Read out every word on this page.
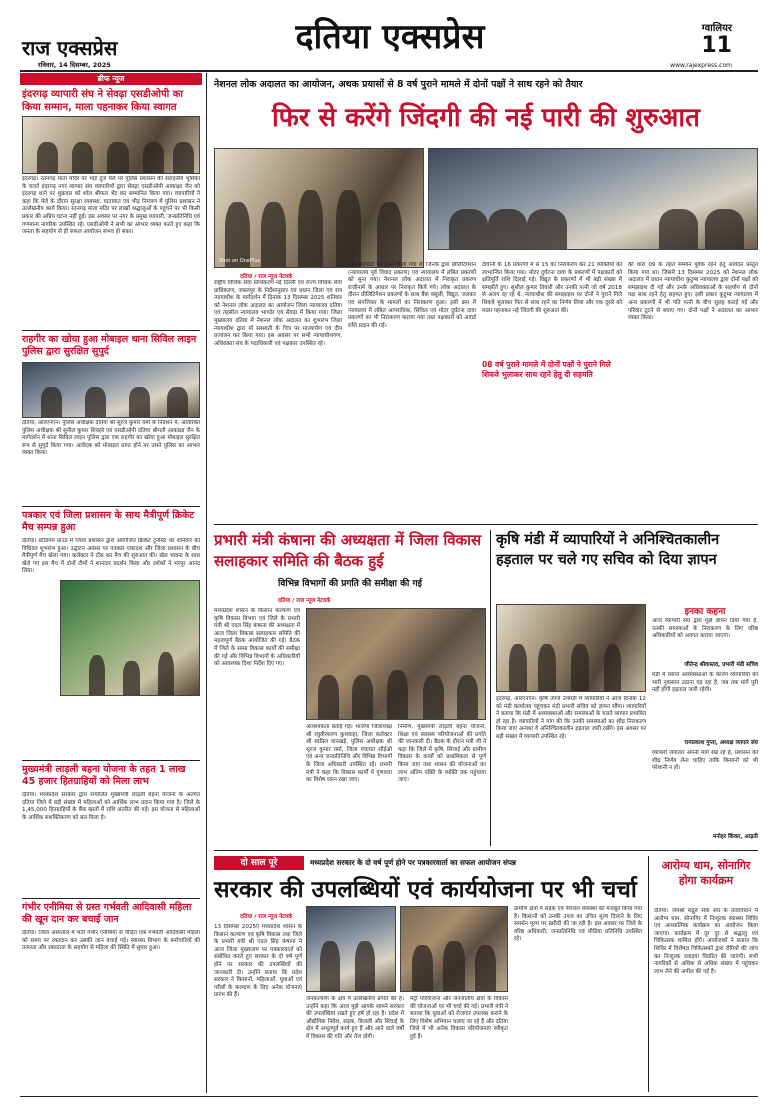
राज एक्सप्रेस
रविवार, 14 दिसम्बर, 2025
दतिया एक्सप्रेस	ग्वालियर
11
www.rajexpress.com
ब्रीफ न्यूज
इंदरगढ़ व्यापारी संघ ने सेवढ़ा एसडीओपी का किया सम्मान, माला पहनाकर किया स्वागत
इंदरगढ़। रतनगढ़ माता मंदिर पर भाई दूज मेले पर पुलिस प्रशासन की सराहनीय भूमिका के चलते इंदरगढ़ नगर व्यापार संघ व्यापारियों द्वारा सेवढ़ा एसडीओपी आकांक्षा जैन को इंदरगढ़ थाने पर शुक्रवार को शॉल श्रीफल भेंट कर सम्मानित किया गया। व्यापारियों ने कहा कि मेले के दौरान सुरक्षा व्यवस्था, यातायात एवं भीड़ नियंत्रण में पुलिस प्रशासन ने उल्लेखनीय कार्य किया। रतनगढ़ माता मंदिर पर लाखों श्रद्धालुओं के पहुंचने पर भी किसी प्रकार की अप्रिय घटना नहीं हुई। इस अवसर पर नगर के प्रमुख व्यापारी, जनप्रतिनिधि एवं गणमान्य नागरिक उपस्थित रहे। एसडीओपी ने सभी का आभार व्यक्त करते हुए कहा कि जनता के सहयोग से ही सफल आयोजन संभव हो सका।
राहगीर का खोया हुआ मोबाइल थाना सिविल लाइन पुलिस द्वारा सुरक्षित सुपुर्द
दतिया, आरएनएन। पुलिस अधीक्षक दतिया श्री सूरज कुमार वर्मा के निर्देशन में, अतिरिक्त पुलिस अधीक्षक श्री सुनील कुमार शिवहरे एवं एसडीओपी दतिया श्रीमती आकांक्षा जैन के मार्गदर्शन में थाना सिविल लाइन पुलिस द्वारा एक राहगीर का खोया हुआ मोबाइल सुरक्षित रूप से सुपुर्द किया गया। आवेदक को मोबाइल प्राप्त होने पर उसने पुलिस का आभार व्यक्त किया।
पत्रकार एवं जिला प्रशासन के साथ मैत्रीपूर्ण क्रिकेट मैच सम्पन्न हुआ
दतिया। स्टेडियम ग्राउंड में जिला प्रशासन द्वारा आयोजित क्रिकेट टूर्नामेंट का शनिवार को विधिवत शुभारंभ हुआ। उद्घाटन अवसर पर पत्रकार एकादश और जिला प्रशासन के बीच मैत्रीपूर्ण मैच खेला गया। कलेक्टर ने टॉस कर मैच की शुरुआत की। खेल भावना के साथ खेले गए इस मैच में दोनों टीमों ने शानदार प्रदर्शन किया और दर्शकों ने भरपूर आनंद लिया।
मुख्यमंत्री लाड़ली बहना योजना के तहत 1 लाख 45 हजार हितग्राहियों को मिला लाभ
दतिया। मध्यप्रदेश सरकार द्वारा संचालित मुख्यमंत्री लाड़ली बहना योजना के अंतर्गत दतिया जिले में बड़ी संख्या में महिलाओं को आर्थिक लाभ प्रदान किया गया है। जिले के 1,45,000 हितग्राहियों के बैंक खातों में राशि अंतरित की गई। इस योजना से महिलाओं के आर्थिक सशक्तिकरण को बल मिला है।
गंभीर एनीमिया से ग्रस्त गर्भवती आदिवासी महिला की खून दान कर बचाई जान
दतिया। जिला अस्पताल में भर्ती गंभीर एनीमिया से पीड़ित एक गर्भवती आदिवासी महिला को समय पर रक्तदान कर उसकी जान बचाई गई। स्वास्थ्य विभाग के कर्मचारियों की तत्परता और रक्तदाता के सहयोग से महिला की स्थिति में सुधार हुआ।
नेशनल लोक अदालत का आयोजन, अथक प्रयासों से 8 वर्ष पुराने मामले में दोनों पक्षों ने साथ रहने को तैयार
फिर से करेंगे जिंदगी की नई पारी की शुरुआत
Shot on OnePlus
दतिया / राज न्यूज नेटवर्क
राष्ट्रीय विधिक सेवा प्राधिकरण नई दिल्ली एवं राज्य विधिक सेवा प्राधिकरण, जबलपुर के निर्देशानुसार एवं प्रधान जिला एवं सत्र न्यायाधीश के मार्गदर्शन में दिनांक 13 दिसम्बर 2025 शनिवार को नेशनल लोक अदालत का आयोजन जिला न्यायालय दतिया एवं तहसील न्यायालय भाण्डेर एवं सेवढ़ा में किया गया। जिला मुख्यालय दतिया में नेशनल लोक अदालत का शुभारंभ जिला न्यायाधीश द्वारा माँ सरस्वती के चित्र पर माल्यार्पण एवं दीप प्रज्वलन कर किया गया। इस अवसर पर सभी न्यायाधीशगण, अधिवक्ता संघ के पदाधिकारी एवं पक्षकार उपस्थित रहे।
18 खंडपीठों का गठन किया गया था जिनके द्वारा प्रीलिटिगेशन (न्यायालय पूर्व विवाद प्रकरण) एवं न्यायालय में लंबित प्रकरणों को सुना गया। नेशनल लोक अदालत में निराकृत प्रकरण राजीनामे के आधार पर निराकृत किये गये। लोक अदालत के दौरान प्रीलिटिगेशन प्रकरणों के साथ बैंक वसूली, विद्युत, जलकर एवं संपत्तिकर के मामलों का निराकरण हुआ। इसी क्रम में न्यायालय में लंबित आपराधिक, सिविल एवं मोटर दुर्घटना दावा प्रकरणों का भी निराकरण कराया गया तथा पक्षकारों को अवार्ड राशि प्रदान की गई।
दीवानी के 16 प्रकरणों में से 15 का निराकरण कर 21 व्यक्तियों को लाभान्वित किया गया। मोटर दुर्घटना दावा के प्रकरणों में पक्षकारों को क्षतिपूर्ति राशि दिलाई गई। विद्युत के प्रकरणों में भी बड़ी संख्या में समझौते हुए। सुशील कुमार तिवारी और उनकी पत्नी जो वर्ष 2018 से अलग रह रहे थे, न्यायाधीश की समझाइश पर दोनों ने पुराने गिले शिकवे भुलाकर फिर से साथ रहने का निर्णय लिया और एक दूसरे को माला पहनाकर नई जिंदगी की शुरुआत की।
08 वर्ष पुराने मामले में दोनों पक्षों ने पुराने गिले शिकवे भुलाकर साथ रहने हेतु दी सहमति
की धारा 09 के तहत सम्मान पूर्वक रहने हेतु आवेदन प्रस्तुत किया गया था। जिसमें 13 दिसम्बर 2025 को नेशनल लोक अदालत में प्रधान न्यायाधीश कुटुम्ब न्यायालय द्वारा दोनों पक्षों को समझाइश दी गई और उनके अधिवक्ताओं के सहयोग से दोनों पक्ष साथ रहने हेतु सहमत हुए। इसी प्रकार कुटुम्ब न्यायालय में अन्य प्रकरणों में भी पति पत्नी के बीच सुलह कराई गई और परिवार टूटने से बचाए गए। दोनों पक्षों ने अदालत का आभार व्यक्त किया।
प्रभारी मंत्री कंषाना की अध्यक्षता में जिला विकास सलाहकार समिति की बैठक हुई
विभिन्न विभागों की प्रगति की समीक्षा की गई
दतिया / राज न्यूज नेटवर्क
मध्यप्रदेश शासन के किसान कल्याण एवं कृषि विकास विभाग एवं जिले के प्रभारी मंत्री श्री एदल सिंह कंषाना की अध्यक्षता में आज जिला विकास सलाहकार समिति की महत्वपूर्ण बैठक आयोजित की गई। बैठक में जिले के समग्र विकास कार्यों की समीक्षा की गई और विभिन्न विभागों के अधिकारियों को आवश्यक दिशा निर्देश दिए गए।
आवश्यकता बताई गई। भाजपा जिलाध्यक्ष श्री रघुवीरशरण कुशवाहा, जिला कलेक्टर श्री स्वप्निल वानखड़े, पुलिस अधीक्षक श्री सूरज कुमार वर्मा, जिला पंचायत सीईओ एवं अन्य जनप्रतिनिधि और विभिन्न विभागों के जिला अधिकारी उपस्थित रहे। प्रभारी मंत्री ने कहा कि विकास कार्यों में गुणवत्ता का विशेष ध्यान रखा जाए।
निर्माण, मुख्यमंत्री लाड़ली बहना योजना, शिक्षा एवं स्वास्थ्य परियोजनाओं की प्रगति की जानकारी दी। बैठक के दौरान मंत्री जी ने कहा कि जिले में कृषि, सिंचाई और ग्रामीण विकास के कार्यों को प्राथमिकता से पूर्ण किया जाए तथा शासन की योजनाओं का लाभ अंतिम पंक्ति के व्यक्ति तक पहुंचाया जाए।
कृषि मंडी में व्यापारियों ने अनिश्चितकालीन हड़ताल पर चले गए सचिव को दिया ज्ञापन
इंदरगढ़, आरएनएन। कृषि उपज उपमंडी में व्यापारियों ने आज दिनांक 12 को मंडी कार्यालय पहुंचकर मंडी प्रभारी सचिव को ज्ञापन सौंपा। व्यापारियों ने बताया कि मंडी में अव्यवस्थाओं और समस्याओं के चलते व्यापार प्रभावित हो रहा है। व्यापारियों ने मांग की कि उनकी समस्याओं का शीघ्र निराकरण किया जाए अन्यथा वे अनिश्चितकालीन हड़ताल जारी रखेंगे। इस अवसर पर बड़ी संख्या में व्यापारी उपस्थित रहे।
इनका कहना
आज व्यापारी संघ द्वारा मुझे ज्ञापन दिया गया है, उनकी समस्याओं के निराकरण के लिए वरिष्ठ अधिकारियों को अवगत कराया जाएगा।
जीतेन्द्र श्रीवास्तव, प्रभारी मंडी सचिव
मंडी में व्याप्त अव्यवस्थाओं के कारण व्यापारियों को भारी नुकसान उठाना पड़ रहा है, जब तक मांगें पूरी नहीं होंगी हड़ताल जारी रहेगी।
रामप्रकाश गुप्ता, अध्यक्ष व्यापार संघ
व्यापारी लगातार अपनी मांगें रख रहे हैं, प्रशासन को शीघ्र निर्णय लेना चाहिए ताकि किसानों को भी परेशानी न हो।
मनोहर किंकर, आढ़ती
दो साल पूरे	मध्यप्रदेश सरकार के दो वर्ष पूर्ण होने पर पत्रकारवार्ता का सफल आयोजन संपन्न
सरकार की उपलब्धियों एवं कार्ययोजना पर भी चर्चा
दतिया / राज न्यूज नेटवर्क
13 दिसम्बर 2025ए मध्यप्रदेश शासन के किसान कल्याण एवं कृषि विकास तथा जिले के प्रभारी मंत्री श्री एदल सिंह कंषाना ने आज जिला मुख्यालय पर पत्रकारवार्ता को संबोधित करते हुए सरकार के दो वर्ष पूर्ण होने पर सरकार की उपलब्धियों की जानकारी दी। उन्होंने बताया कि प्रदेश सरकार ने किसानों, महिलाओं, युवाओं एवं गरीबों के कल्याण के लिए अनेक योजनाएं प्रारंभ की हैं।
जनकल्याण के क्षेत्र में उल्लेखनीय प्रगति की है। उन्होंने कहा कि आज मुझे आपके सामने सरकार की उपलब्धियां रखते हुए हर्ष हो रहा है। प्रदेश में औद्योगिक निवेश, सड़क, बिजली और सिंचाई के क्षेत्र में अभूतपूर्व कार्य हुए हैं और आने वाले वर्षों में विकास की गति और तेज होगी।
मेट्रो परियोजना और जनजातीय क्षेत्रों के विकास की योजनाओं पर भी चर्चा की गई। प्रभारी मंत्री ने बताया कि युवाओं को रोजगार उपलब्ध कराने के लिए विशेष अभियान चलाए जा रहे हैं और दतिया जिले में भी अनेक विकास परियोजनाएं स्वीकृत हुई हैं।
ग्रामीण क्षेत्रों में सड़क एवं पेयजल व्यवस्था को मजबूत किया गया है। किसानों को उनकी उपज का उचित मूल्य दिलाने के लिए समर्थन मूल्य पर खरीदी की जा रही है। इस अवसर पर जिले के वरिष्ठ अधिकारी, जनप्रतिनिधि एवं मीडिया प्रतिनिधि उपस्थित रहे।
आरोग्य धाम, सोनागिर होगा कार्यक्रम
दतिया। जयश्री सद्गुरु सेवा संघ के तत्वावधान में आरोग्य धाम, सोनागिर में निःशुल्क स्वास्थ्य शिविर एवं आध्यात्मिक कार्यक्रम का आयोजन किया जाएगा। कार्यक्रम में दूर दूर से श्रद्धालु एवं चिकित्सक शामिल होंगे। आयोजकों ने बताया कि शिविर में विशेषज्ञ चिकित्सकों द्वारा रोगियों की जांच कर निःशुल्क दवाइयां वितरित की जाएंगी। सभी नागरिकों से अधिक से अधिक संख्या में पहुंचकर लाभ लेने की अपील की गई है।
